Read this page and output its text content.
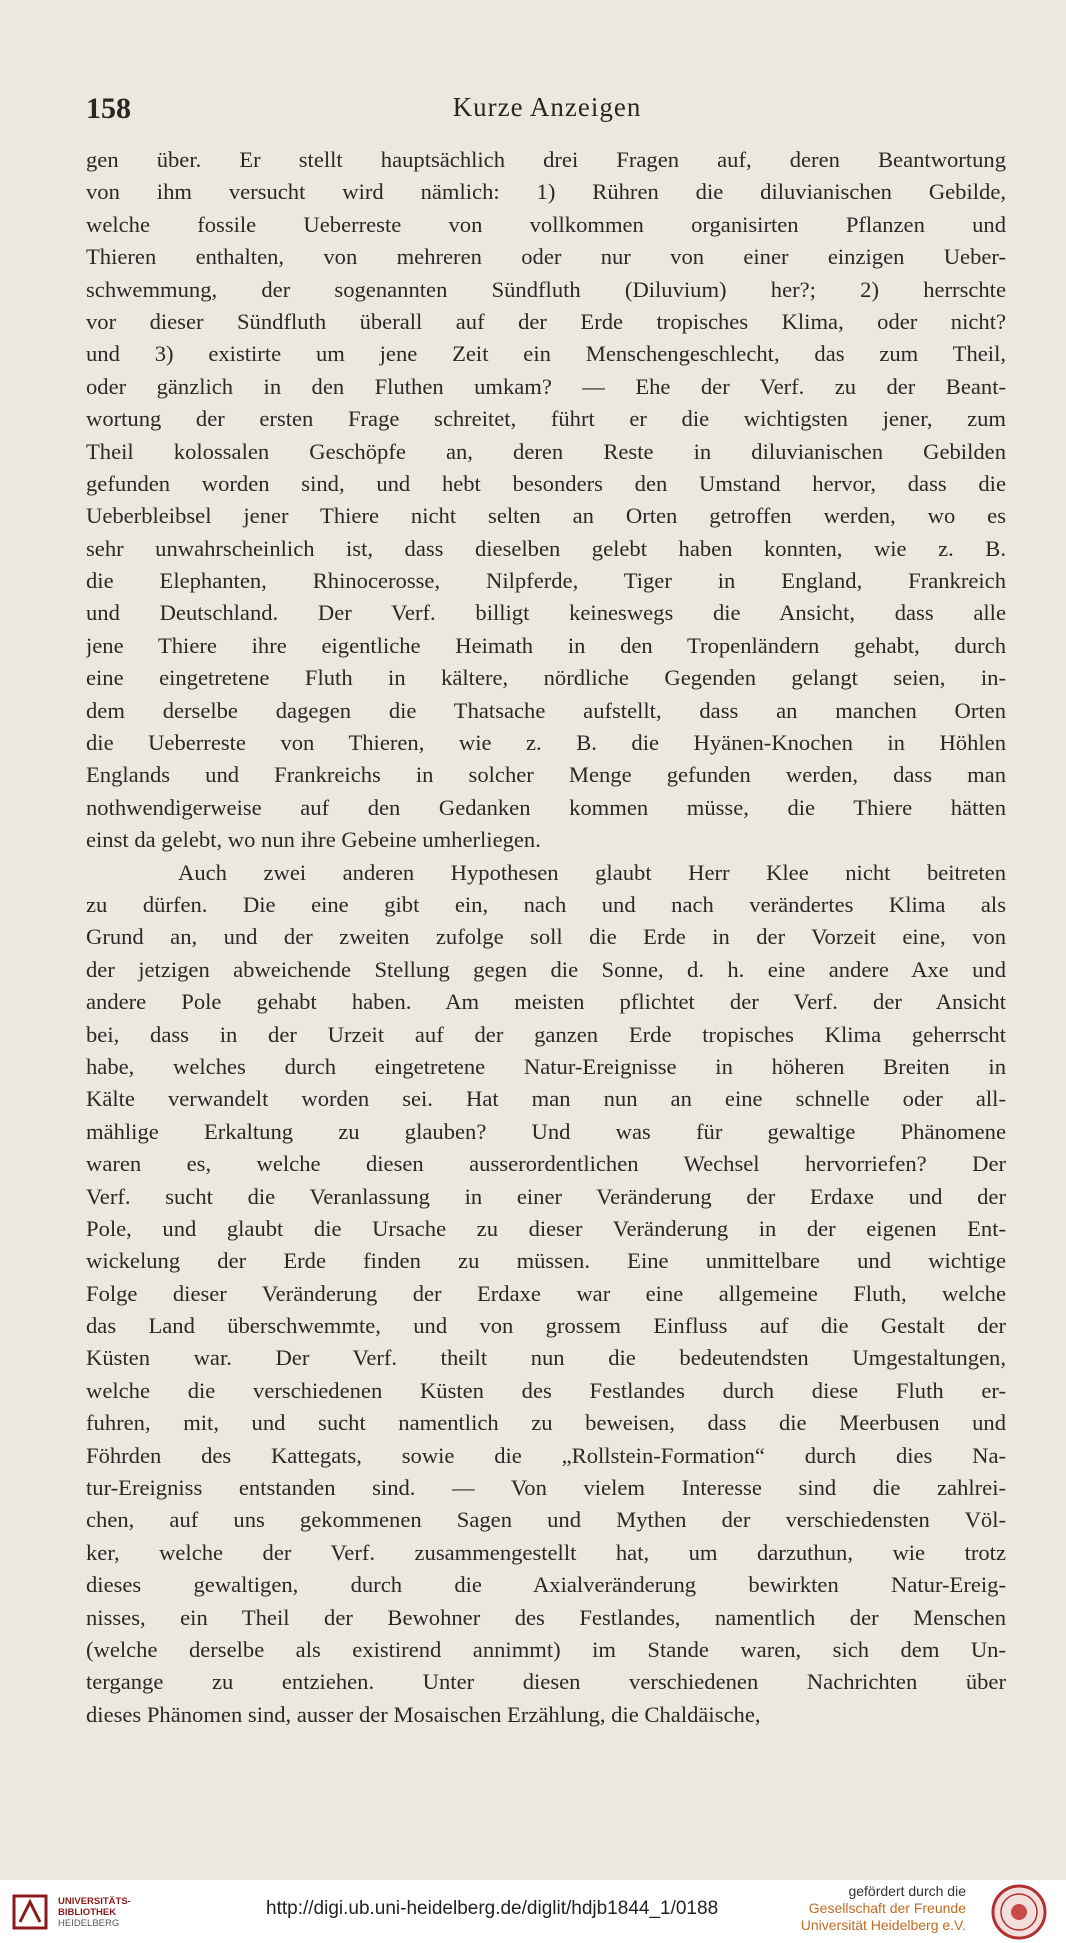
158	Kurze Anzeigen
gen über. Er stellt hauptsächlich drei Fragen auf, deren Beantwortung
von ihm versucht wird nämlich: 1) Rühren die diluvianischen Gebilde,
welche fossile Ueberreste von vollkommen organisirten Pflanzen und
Thieren enthalten, von mehreren oder nur von einer einzigen Ueber-
schwemmung, der sogenannten Sündfluth (Diluvium) her?; 2) herrschte
vor dieser Sündfluth überall auf der Erde tropisches Klima, oder nicht?
und 3) existirte um jene Zeit ein Menschengeschlecht, das zum Theil,
oder gänzlich in den Fluthen umkam? — Ehe der Verf. zu der Beant-
wortung der ersten Frage schreitet, führt er die wichtigsten jener, zum
Theil kolossalen Geschöpfe an, deren Reste in diluvianischen Gebilden
gefunden worden sind, und hebt besonders den Umstand hervor, dass die
Ueberbleibsel jener Thiere nicht selten an Orten getroffen werden, wo es
sehr unwahrscheinlich ist, dass dieselben gelebt haben konnten, wie z. B.
die Elephanten, Rhinocerosse, Nilpferde, Tiger in England, Frankreich
und Deutschland. Der Verf. billigt keineswegs die Ansicht, dass alle
jene Thiere ihre eigentliche Heimath in den Tropenländern gehabt, durch
eine eingetretene Fluth in kältere, nördliche Gegenden gelangt seien, in-
dem derselbe dagegen die Thatsache aufstellt, dass an manchen Orten
die Ueberreste von Thieren, wie z. B. die Hyänen-Knochen in Höhlen
Englands und Frankreichs in solcher Menge gefunden werden, dass man
nothwendigerweise auf den Gedanken kommen müsse, die Thiere hätten
einst da gelebt, wo nun ihre Gebeine umherliegen.
Auch zwei anderen Hypothesen glaubt Herr Klee nicht beitreten
zu dürfen. Die eine gibt ein, nach und nach verändertes Klima als
Grund an, und der zweiten zufolge soll die Erde in der Vorzeit eine, von
der jetzigen abweichende Stellung gegen die Sonne, d. h. eine andere Axe und
andere Pole gehabt haben. Am meisten pflichtet der Verf. der Ansicht
bei, dass in der Urzeit auf der ganzen Erde tropisches Klima geherrscht
habe, welches durch eingetretene Natur-Ereignisse in höheren Breiten in
Kälte verwandelt worden sei. Hat man nun an eine schnelle oder all-
mählige Erkaltung zu glauben? Und was für gewaltige Phänomene
waren es, welche diesen ausserordentlichen Wechsel hervorriefen? Der
Verf. sucht die Veranlassung in einer Veränderung der Erdaxe und der
Pole, und glaubt die Ursache zu dieser Veränderung in der eigenen Ent-
wickelung der Erde finden zu müssen. Eine unmittelbare und wichtige
Folge dieser Veränderung der Erdaxe war eine allgemeine Fluth, welche
das Land überschwemmte, und von grossem Einfluss auf die Gestalt der
Küsten war. Der Verf. theilt nun die bedeutendsten Umgestaltungen,
welche die verschiedenen Küsten des Festlandes durch diese Fluth er-
fuhren, mit, und sucht namentlich zu beweisen, dass die Meerbusen und
Föhrden des Kattegats, sowie die „Rollstein-Formation“ durch dies Na-
tur-Ereigniss entstanden sind. — Von vielem Interesse sind die zahlrei-
chen, auf uns gekommenen Sagen und Mythen der verschiedensten Völ-
ker, welche der Verf. zusammengestellt hat, um darzuthun, wie trotz
dieses gewaltigen, durch die Axialveränderung bewirkten Natur-Ereig-
nisses, ein Theil der Bewohner des Festlandes, namentlich der Menschen
(welche derselbe als existirend annimmt) im Stande waren, sich dem Un-
tergange zu entziehen. Unter diesen verschiedenen Nachrichten über
dieses Phänomen sind, ausser der Mosaischen Erzählung, die Chaldäische,
UNIVERSITÄTS-
BIBLIOTHEK
HEIDELBERG
http://digi.ub.uni-heidelberg.de/diglit/hdjb1844_1/0188
gefördert durch die
Gesellschaft der Freunde
Universität Heidelberg e.V.
